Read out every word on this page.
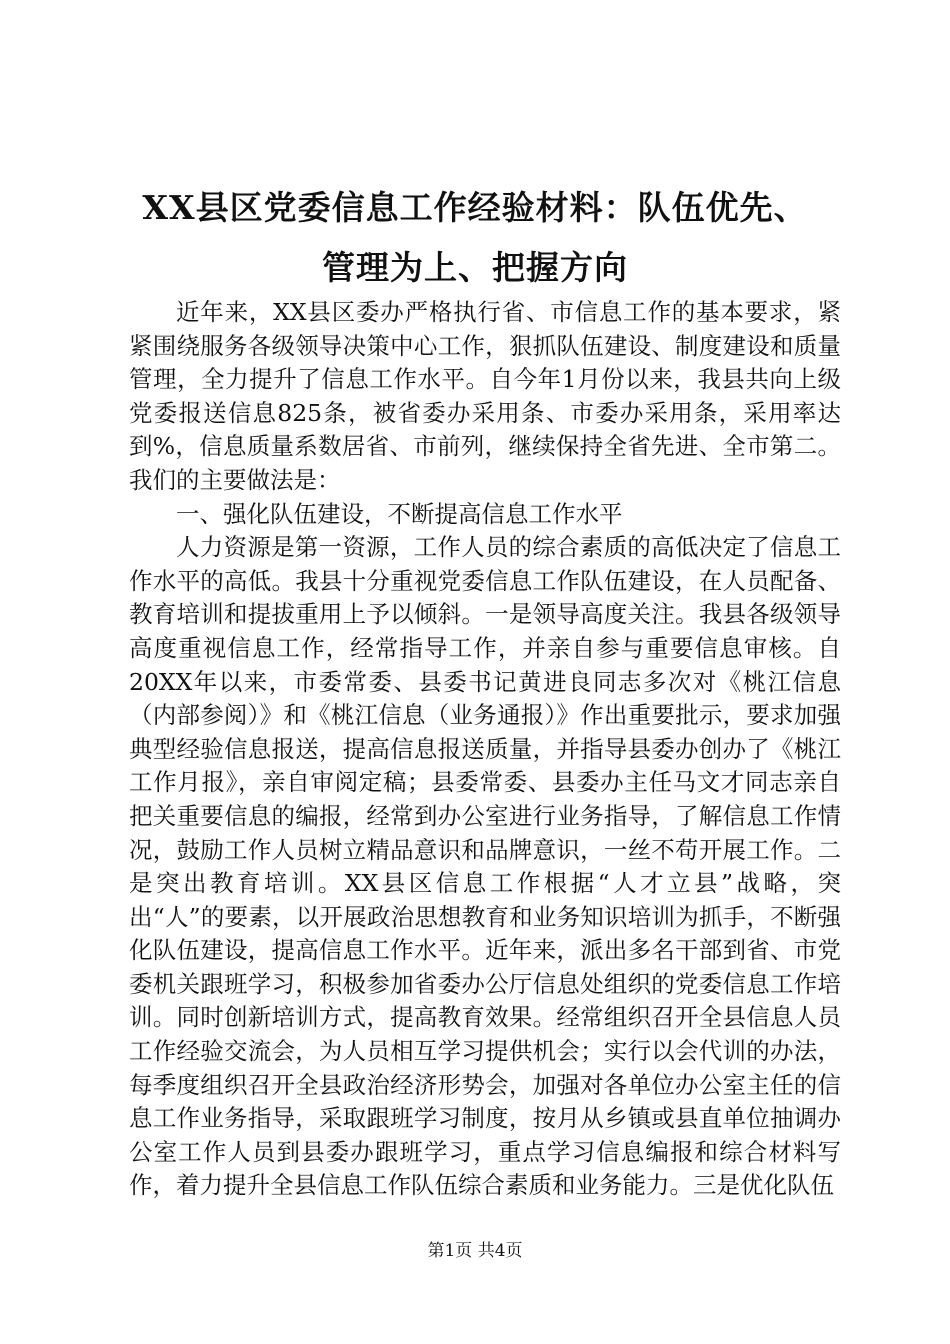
XX县区党委信息工作经验材料：队伍优先、
管理为上、把握方向

近年来，XX县区委办严格执行省、市信息工作的基本要求，紧紧围绕服务各级领导决策中心工作，狠抓队伍建设、制度建设和质量管理，全力提升了信息工作水平。自今年1月份以来，我县共向上级党委报送信息825条，被省委办采用条、市委办采用条，采用率达到%，信息质量系数居省、市前列，继续保持全省先进、全市第二。我们的主要做法是：

一、强化队伍建设，不断提高信息工作水平

人力资源是第一资源，工作人员的综合素质的高低决定了信息工作水平的高低。我县十分重视党委信息工作队伍建设，在人员配备、教育培训和提拔重用上予以倾斜。一是领导高度关注。我县各级领导高度重视信息工作，经常指导工作，并亲自参与重要信息审核。自20XX年以来，市委常委、县委书记黄进良同志多次对《桃江信息（内部参阅）》和《桃江信息（业务通报）》作出重要批示，要求加强典型经验信息报送，提高信息报送质量，并指导县委办创办了《桃江工作月报》，亲自审阅定稿；县委常委、县委办主任马文才同志亲自把关重要信息的编报，经常到办公室进行业务指导，了解信息工作情况，鼓励工作人员树立精品意识和品牌意识，一丝不苟开展工作。二是突出教育培训。XX县区信息工作根据“人才立县”战略，突出“人”的要素，以开展政治思想教育和业务知识培训为抓手，不断强化队伍建设，提高信息工作水平。近年来，派出多名干部到省、市党委机关跟班学习，积极参加省委办公厅信息处组织的党委信息工作培训。同时创新培训方式，提高教育效果。经常组织召开全县信息人员工作经验交流会，为人员相互学习提供机会；实行以会代训的办法，每季度组织召开全县政治经济形势会，加强对各单位办公室主任的信息工作业务指导，采取跟班学习制度，按月从乡镇或县直单位抽调办公室工作人员到县委办跟班学习，重点学习信息编报和综合材料写作，着力提升全县信息工作队伍综合素质和业务能力。三是优化队伍

第1页 共4页
